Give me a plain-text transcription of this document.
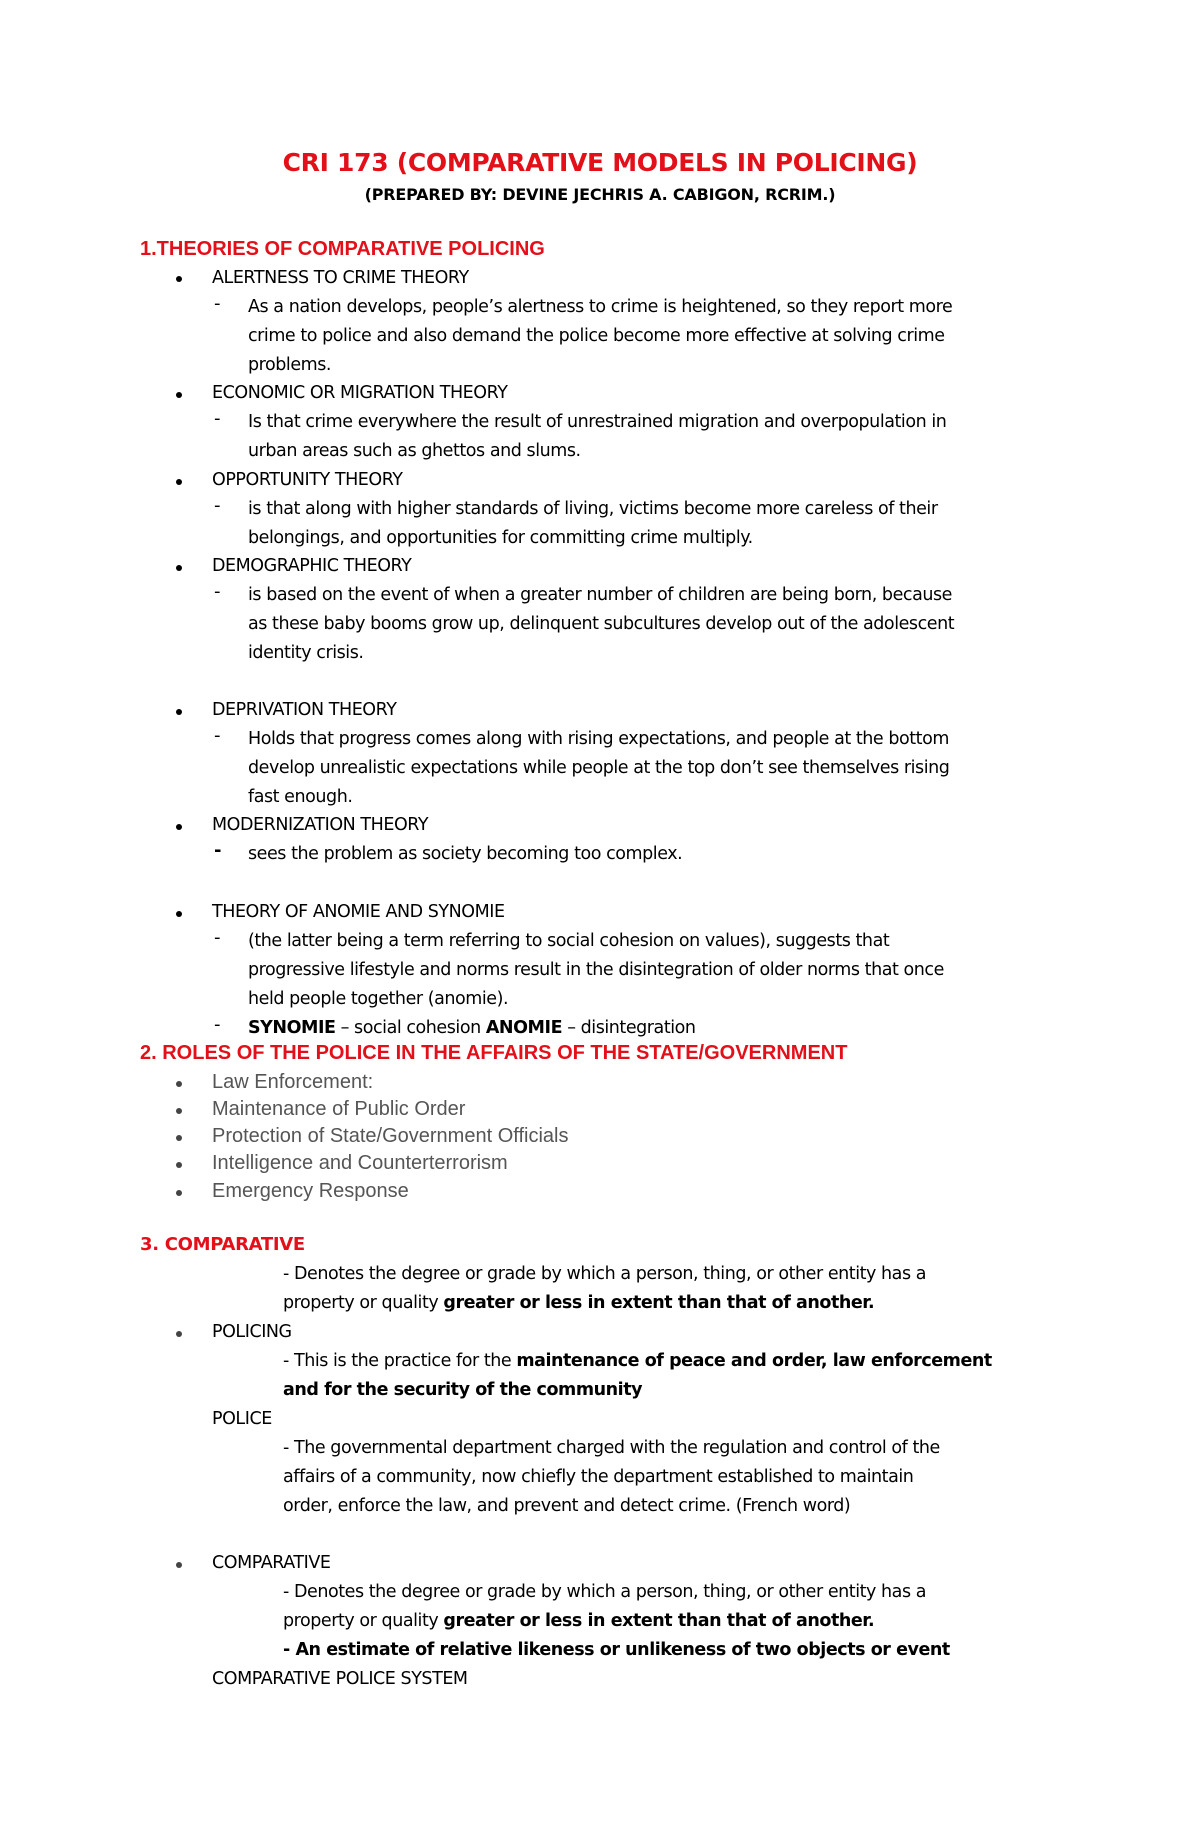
CRI 173 (COMPARATIVE MODELS IN POLICING)
(PREPARED BY: DEVINE JECHRIS A. CABIGON, RCRIM.)
1.THEORIES OF COMPARATIVE POLICING
ALERTNESS TO CRIME THEORY
- As a nation develops, people’s alertness to crime is heightened, so they report more
crime to police and also demand the police become more effective at solving crime
problems.
ECONOMIC OR MIGRATION THEORY
- Is that crime everywhere the result of unrestrained migration and overpopulation in
urban areas such as ghettos and slums.
OPPORTUNITY THEORY
- is that along with higher standards of living, victims become more careless of their
belongings, and opportunities for committing crime multiply.
DEMOGRAPHIC THEORY
- is based on the event of when a greater number of children are being born, because
as these baby booms grow up, delinquent subcultures develop out of the adolescent
identity crisis.
DEPRIVATION THEORY
- Holds that progress comes along with rising expectations, and people at the bottom
develop unrealistic expectations while people at the top don’t see themselves rising
fast enough.
MODERNIZATION THEORY
- sees the problem as society becoming too complex.
THEORY OF ANOMIE AND SYNOMIE
- (the latter being a term referring to social cohesion on values), suggests that
progressive lifestyle and norms result in the disintegration of older norms that once
held people together (anomie).
- SYNOMIE – social cohesion ANOMIE – disintegration
2. ROLES OF THE POLICE IN THE AFFAIRS OF THE STATE/GOVERNMENT
Law Enforcement:
Maintenance of Public Order
Protection of State/Government Officials
Intelligence and Counterterrorism
Emergency Response
3. COMPARATIVE
- Denotes the degree or grade by which a person, thing, or other entity has a
property or quality greater or less in extent than that of another.
POLICING
- This is the practice for the maintenance of peace and order, law enforcement
and for the security of the community
POLICE
- The governmental department charged with the regulation and control of the
affairs of a community, now chiefly the department established to maintain
order, enforce the law, and prevent and detect crime. (French word)
COMPARATIVE
- Denotes the degree or grade by which a person, thing, or other entity has a
property or quality greater or less in extent than that of another.
- An estimate of relative likeness or unlikeness of two objects or event
COMPARATIVE POLICE SYSTEM
